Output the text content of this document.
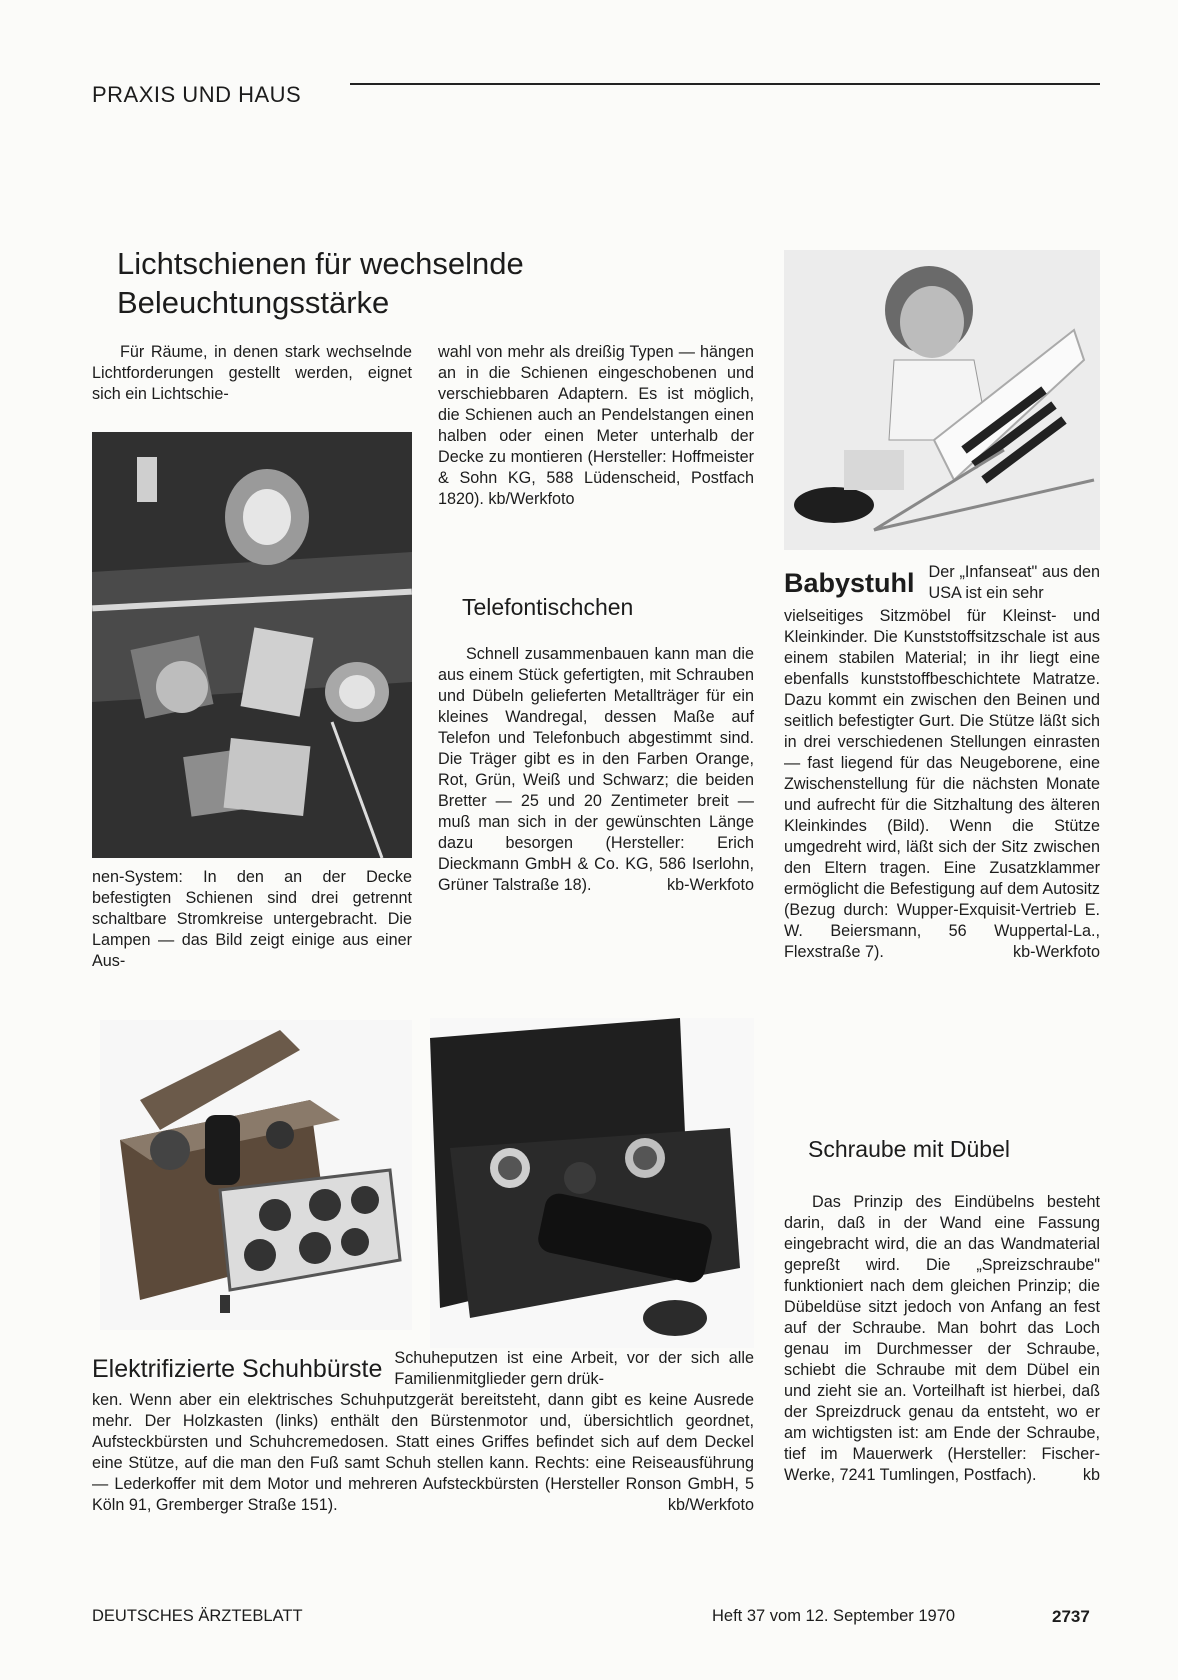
PRAXIS UND HAUS
Lichtschienen für wechselnde
Beleuchtungsstärke

Für Räume, in denen stark wechselnde Lichtforderungen gestellt werden, eignet sich ein Lichtschie-

nen-System: In den an der Decke befestigten Schienen sind drei getrennt schaltbare Stromkreise untergebracht. Die Lampen — das Bild zeigt einige aus einer Aus-

wahl von mehr als dreißig Typen — hängen an in die Schienen eingeschobenen und verschiebbaren Adaptern. Es ist möglich, die Schienen auch an Pendelstangen einen halben oder einen Meter unterhalb der Decke zu montieren (Hersteller: Hoffmeister & Sohn KG, 588 Lüdenscheid, Postfach 1820). kb/Werkfoto

Telefontischchen

Schnell zusammenbauen kann man die aus einem Stück gefertigten, mit Schrauben und Dübeln gelieferten Metallträger für ein kleines Wandregal, dessen Maße auf Telefon und Telefonbuch abgestimmt sind. Die Träger gibt es in den Farben Orange, Rot, Grün, Weiß und Schwarz; die beiden Bretter — 25 und 20 Zentimeter breit — muß man sich in der gewünschten Länge dazu besorgen (Hersteller: Erich Dieckmann GmbH & Co. KG, 586 Iserlohn, Grüner Talstraße 18).	kb-Werkfoto

Babystuhl Der „Infanseat" aus den USA ist ein sehr

vielseitiges Sitzmöbel für Kleinst- und Kleinkinder. Die Kunststoffsitzschale ist aus einem stabilen Material; in ihr liegt eine ebenfalls kunststoffbeschichtete Matratze. Dazu kommt ein zwischen den Beinen und seitlich befestigter Gurt. Die Stütze läßt sich in drei verschiedenen Stellungen einrasten — fast liegend für das Neugeborene, eine Zwischenstellung für die nächsten Monate und aufrecht für die Sitzhaltung des älteren Kleinkindes (Bild). Wenn die Stütze umgedreht wird, läßt sich der Sitz zwischen den Eltern tragen. Eine Zusatzklammer ermöglicht die Befestigung auf dem Autositz (Bezug durch: Wupper-Exquisit-Vertrieb E. W. Beiersmann, 56 Wuppertal-La., Flexstraße 7).	kb-Werkfoto

Schraube mit Dübel

Das Prinzip des Eindübelns besteht darin, daß in der Wand eine Fassung eingebracht wird, die an das Wandmaterial gepreßt wird. Die „Spreizschraube" funktioniert nach dem gleichen Prinzip; die Dübeldüse sitzt jedoch von Anfang an fest auf der Schraube. Man bohrt das Loch genau im Durchmesser der Schraube, schiebt die Schraube mit dem Dübel ein und zieht sie an. Vorteilhaft ist hierbei, daß der Spreizdruck genau da entsteht, wo er am wichtigsten ist: am Ende der Schraube, tief im Mauerwerk (Hersteller: Fischer-Werke, 7241 Tumlingen, Postfach).	kb

Elektrifizierte Schuhbürste Schuheputzen ist eine Arbeit, vor der sich alle Familienmitglieder gern drük-

ken. Wenn aber ein elektrisches Schuhputzgerät bereitsteht, dann gibt es keine Ausrede mehr. Der Holzkasten (links) enthält den Bürstenmotor und, übersichtlich geordnet, Aufsteckbürsten und Schuhcremedosen. Statt eines Griffes befindet sich auf dem Deckel eine Stütze, auf die man den Fuß samt Schuh stellen kann. Rechts: eine Reiseausführung — Lederkoffer mit dem Motor und mehreren Aufsteckbürsten (Hersteller Ronson GmbH, 5 Köln 91, Gremberger Straße 151).	kb/Werkfoto

DEUTSCHES ÄRZTEBLATT	Heft 37 vom 12. September 1970	2737
